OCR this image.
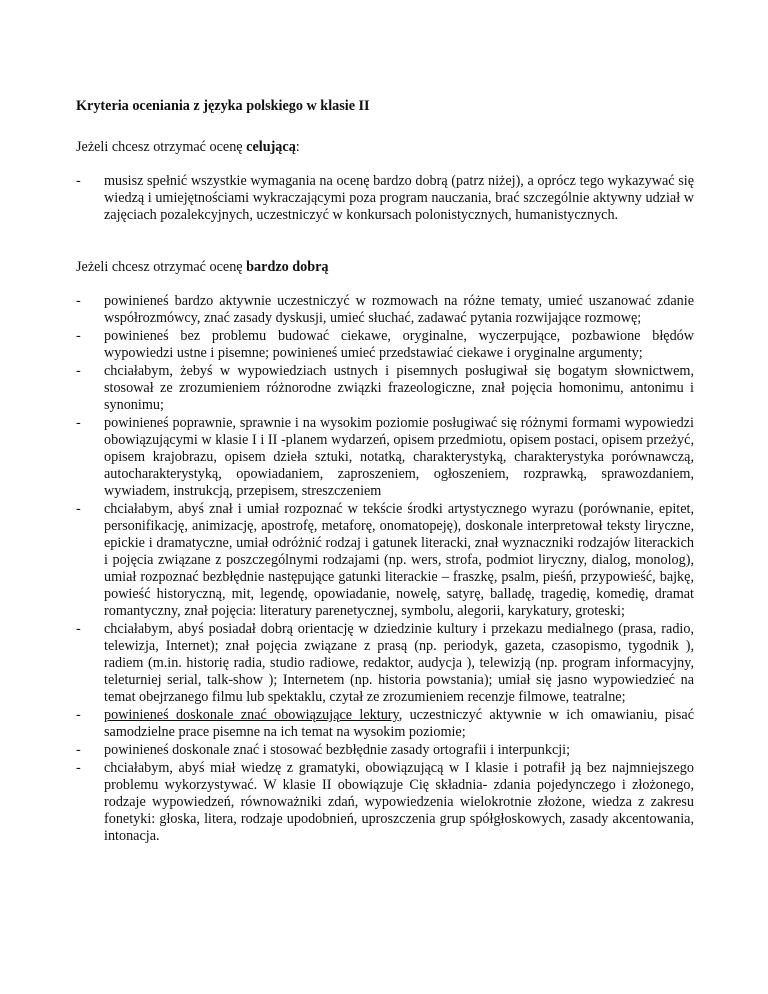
Kryteria oceniania z języka polskiego w klasie II
Jeżeli chcesz otrzymać ocenę celującą:
- musisz spełnić wszystkie wymagania na ocenę bardzo dobrą (patrz niżej), a oprócz tego wykazywać się wiedzą i umiejętnościami wykraczającymi poza program nauczania, brać szczególnie aktywny udział w zajęciach pozalekcyjnych, uczestniczyć w konkursach polonistycznych, humanistycznych.
Jeżeli chcesz otrzymać ocenę bardzo dobrą
- powinieneś bardzo aktywnie uczestniczyć w rozmowach na różne tematy, umieć uszanować zdanie współrozmówcy, znać zasady dyskusji, umieć słuchać, zadawać pytania rozwijające rozmowę;
- powinieneś bez problemu budować ciekawe, oryginalne, wyczerpujące, pozbawione błędów wypowiedzi ustne i pisemne; powinieneś umieć przedstawiać ciekawe i oryginalne argumenty;
- chciałabym, żebyś w wypowiedziach ustnych i pisemnych posługiwał się bogatym słownictwem, stosował ze zrozumieniem różnorodne związki frazeologiczne, znał pojęcia homonimu, antonimu i synonimu;
- powinieneś poprawnie, sprawnie i na wysokim poziomie posługiwać się różnymi formami wypowiedzi obowiązującymi w klasie I i II -planem wydarzeń, opisem przedmiotu, opisem postaci, opisem przeżyć, opisem krajobrazu, opisem dzieła sztuki, notatką, charakterystyką, charakterystyka porównawczą, autocharakterystyką, opowiadaniem, zaproszeniem, ogłoszeniem, rozprawką, sprawozdaniem, wywiadem, instrukcją, przepisem, streszczeniem
- chciałabym, abyś znał i umiał rozpoznać w tekście środki artystycznego wyrazu (porównanie, epitet, personifikację, animizację, apostrofę, metaforę, onomatopeję), doskonale interpretował teksty liryczne, epickie i dramatyczne, umiał odróżnić rodzaj i gatunek literacki, znał wyznaczniki rodzajów literackich i pojęcia związane z poszczególnymi rodzajami (np. wers, strofa, podmiot liryczny, dialog, monolog), umiał rozpoznać bezbłędnie następujące gatunki literackie – fraszkę, psalm, pieśń, przypowieść, bajkę, powieść historyczną, mit, legendę, opowiadanie, nowelę, satyrę, balladę, tragedię, komedię, dramat romantyczny, znał pojęcia: literatury parenetycznej, symbolu, alegorii, karykatury, groteski;
- chciałabym, abyś posiadał dobrą orientację w dziedzinie kultury i przekazu medialnego (prasa, radio, telewizja, Internet); znał pojęcia związane z prasą (np. periodyk, gazeta, czasopismo, tygodnik ), radiem (m.in. historię radia, studio radiowe, redaktor, audycja ), telewizją (np. program informacyjny, teleturniej serial, talk-show ); Internetem (np. historia powstania); umiał się jasno wypowiedzieć na temat obejrzanego filmu lub spektaklu, czytał ze zrozumieniem recenzje filmowe, teatralne;
- powinieneś doskonale znać obowiązujące lektury, uczestniczyć aktywnie w ich omawianiu, pisać samodzielne prace pisemne na ich temat na wysokim poziomie;
- powinieneś doskonale znać i stosować bezbłędnie zasady ortografii i interpunkcji;
- chciałabym, abyś miał wiedzę z gramatyki, obowiązującą w I klasie i potrafił ją bez najmniejszego problemu wykorzystywać. W klasie II obowiązuje Cię składnia- zdania pojedynczego i złożonego, rodzaje wypowiedzeń, równoważniki zdań, wypowiedzenia wielokrotnie złożone, wiedza z zakresu fonetyki: głoska, litera, rodzaje upodobnień, uproszczenia grup spółgłoskowych, zasady akcentowania, intonacja.
